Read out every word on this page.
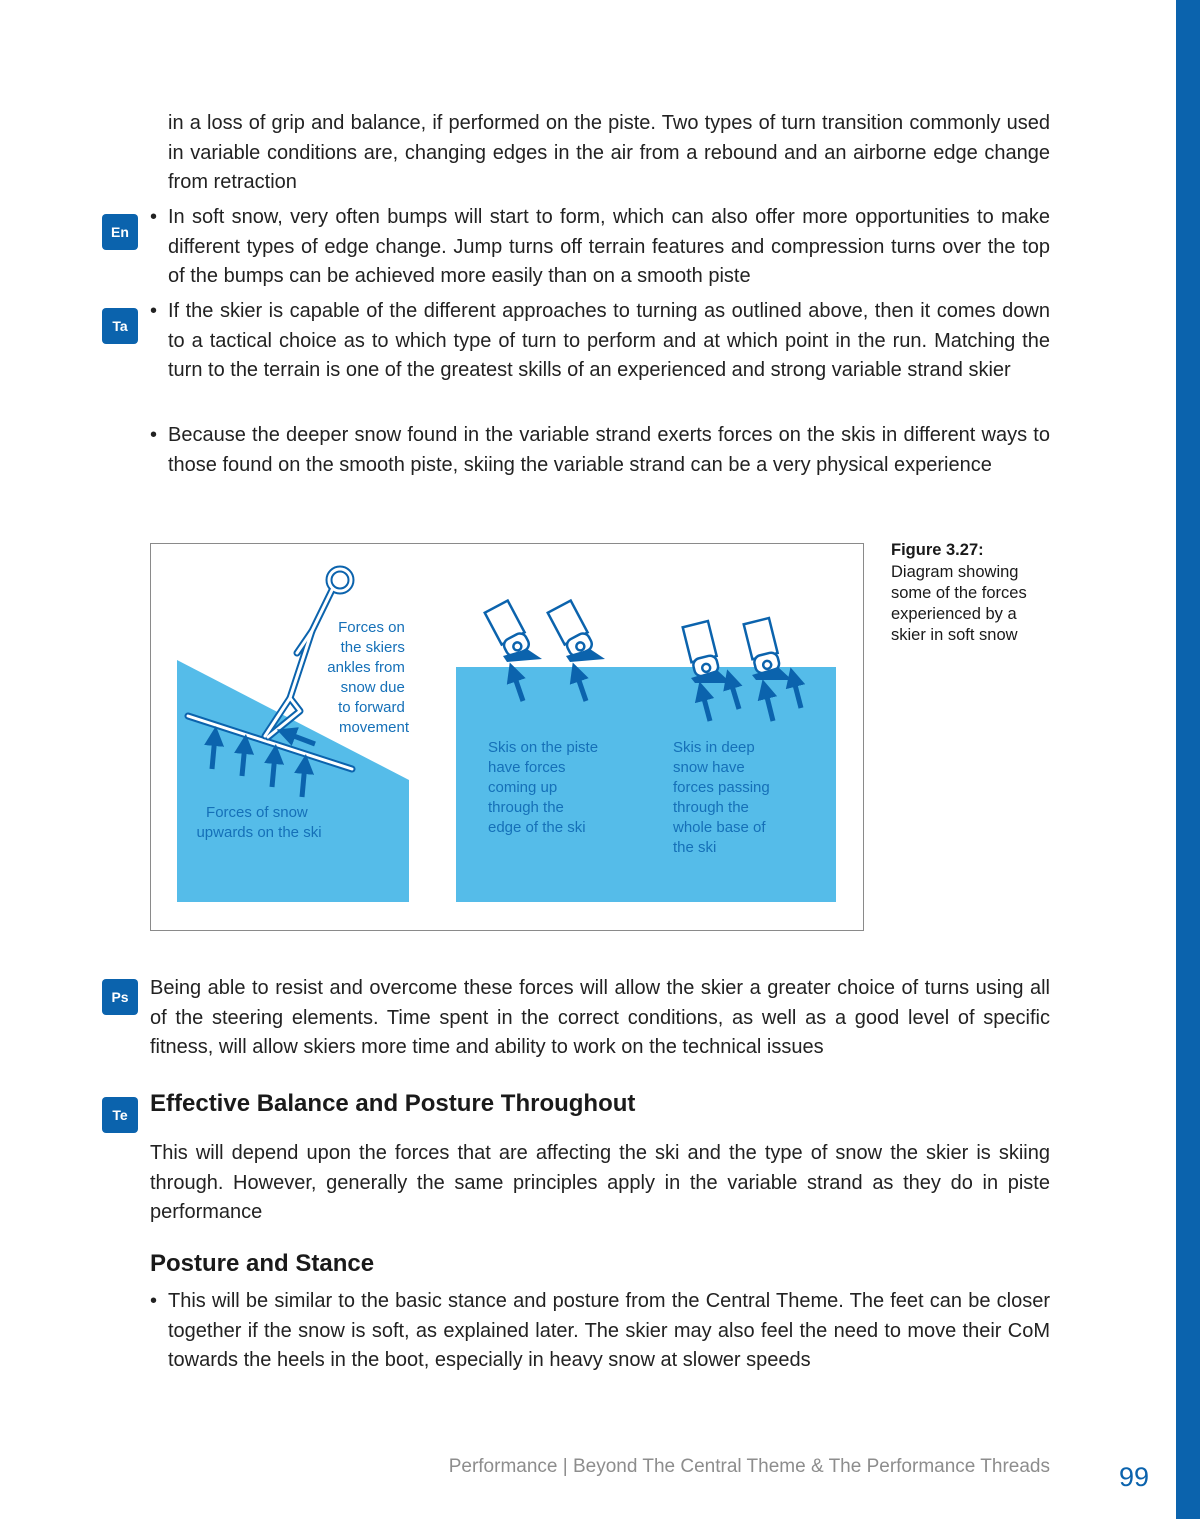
in a loss of grip and balance, if performed on the piste. Two types of turn transition commonly used in variable conditions are, changing edges in the air from a rebound and an airborne edge change from retraction

En
• In soft snow, very often bumps will start to form, which can also offer more opportunities to make different types of edge change. Jump turns off terrain features and compression turns over the top of the bumps can be achieved more easily than on a smooth piste

Ta
• If the skier is capable of the different approaches to turning as outlined above, then it comes down to a tactical choice as to which type of turn to perform and at which point in the run. Matching the turn to the terrain is one of the greatest skills of an experienced and strong variable strand skier

• Because the deeper snow found in the variable strand exerts forces on the skis in different ways to those found on the smooth piste, skiing the variable strand can be a very physical experience

Forces on the skiers ankles from snow due to forward movement
Forces of snow upwards on the ski
Skis on the piste have forces coming up through the edge of the ski
Skis in deep snow have forces passing through the whole base of the ski
Figure 3.27:
Diagram showing some of the forces experienced by a skier in soft snow
Ps	Being able to resist and overcome these forces will allow the skier a greater choice of turns using all of the steering elements. Time spent in the correct conditions, as well as a good level of specific fitness, will allow skiers more time and ability to work on the technical issues

Te Effective Balance and Posture Throughout

This will depend upon the forces that are affecting the ski and the type of snow the skier is skiing through. However, generally the same principles apply in the variable strand as they do in piste performance

Posture and Stance
• This will be similar to the basic stance and posture from the Central Theme. The feet can be closer together if the snow is soft, as explained later. The skier may also feel the need to move their CoM towards the heels in the boot, especially in heavy snow at slower speeds

Performance | Beyond The Central Theme & The Performance Threads	99
